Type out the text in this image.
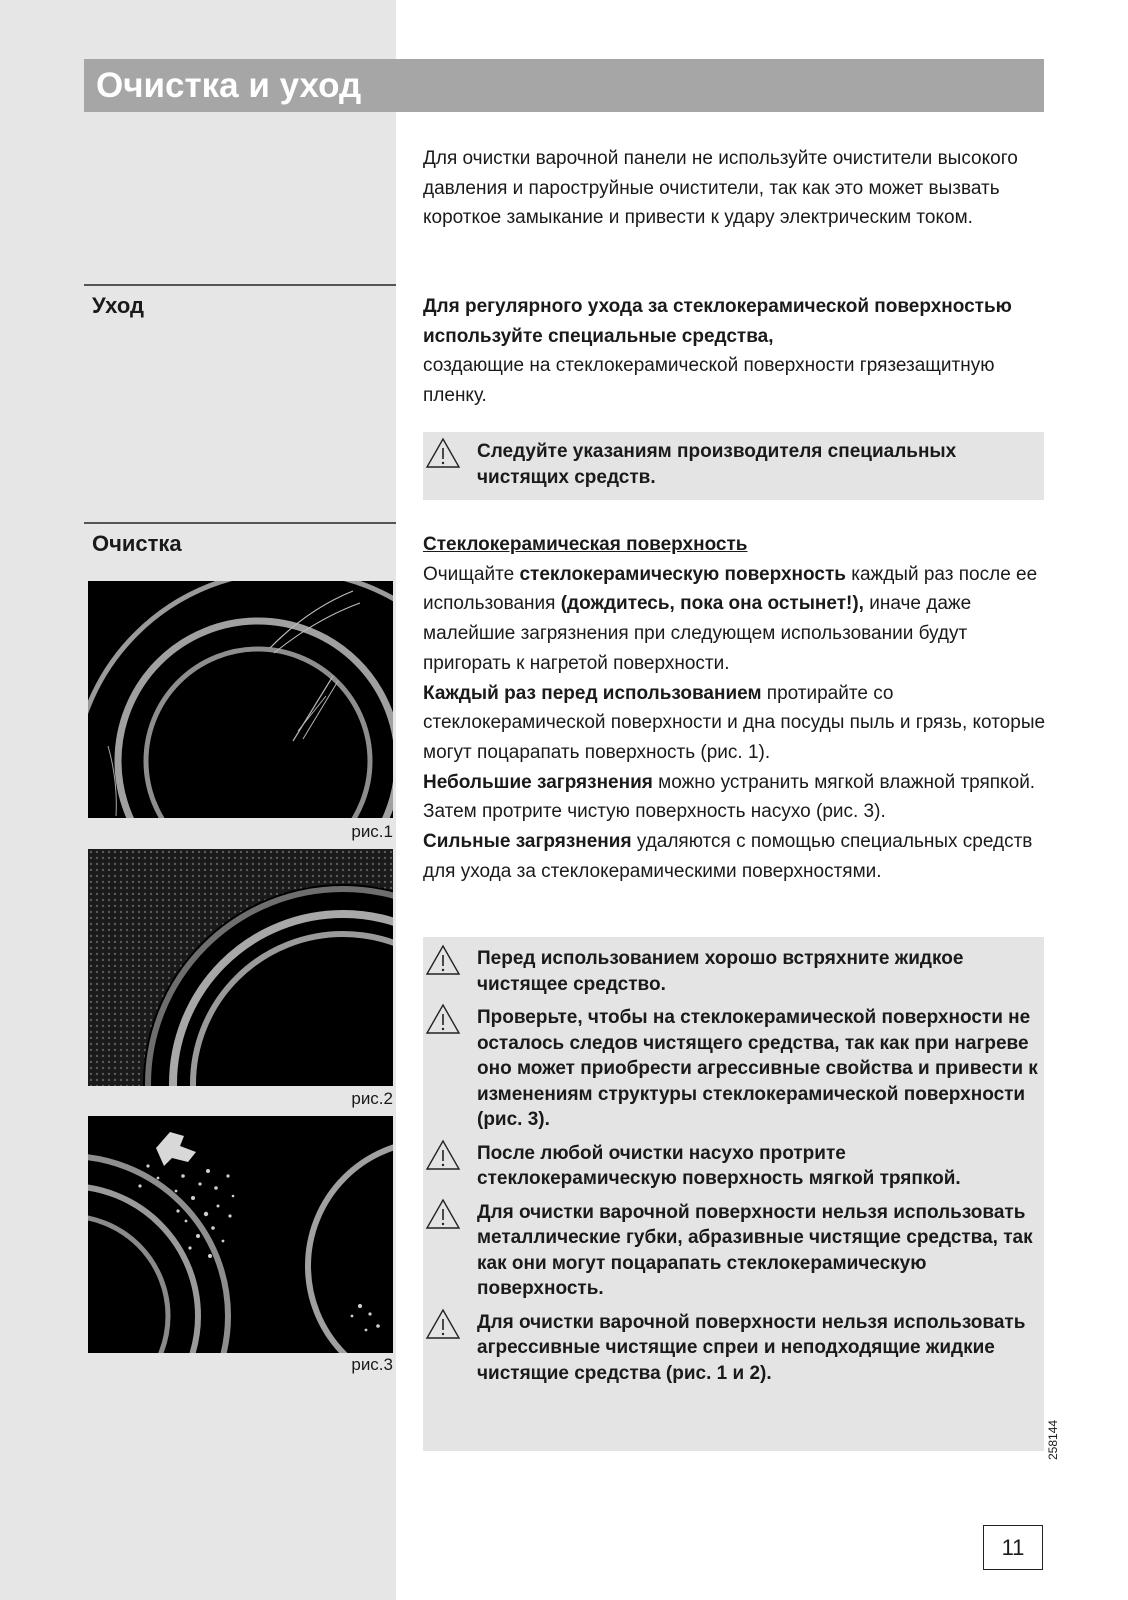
Очистка и уход

Для очистки варочной панели не используйте очистители высокого давления и пароструйные очистители, так как это может вызвать короткое замыкание и привести к удару электрическим током.

Уход	Для регулярного ухода за стеклокерамической поверхностью используйте специальные средства,
создающие на стеклокерамической поверхности грязезащитную пленку.

Следуйте указаниям производителя специальных чистящих средств.
Очистка	Стеклокерамическая поверхность
Очищайте стеклокерамическую поверхность каждый раз после ее использования (дождитесь, пока она остынет!), иначе даже малейшие загрязнения при следующем использовании будут пригорать к нагретой поверхности.
Каждый раз перед использованием протирайте со стеклокерамической поверхности и дна посуды пыль и грязь, которые могут поцарапать поверхность (рис. 1).
Небольшие загрязнения можно устранить мягкой влажной тряпкой. Затем протрите чистую поверхность насухо (рис. 3).
Сильные загрязнения удаляются с помощью специальных средств для ухода за стеклокерамическими поверхностями.

Перед использованием хорошо встряхните жидкое чистящее средство.
Проверьте, чтобы на стеклокерамической поверхности не осталось следов чистящего средства, так как при нагреве оно может приобрести агрессивные свойства и привести к изменениям структуры стеклокерамической поверхности (рис. 3).
После любой очистки насухо протрите стеклокерамическую поверхность мягкой тряпкой.
Для очистки варочной поверхности нельзя использовать металлические губки, абразивные чистящие средства, так как они могут поцарапать стеклокерамическую поверхность.
Для очистки варочной поверхности нельзя использовать агрессивные чистящие спреи и неподходящие жидкие чистящие средства (рис. 1 и 2).
рис.1
рис.2
рис.3
258144
11
